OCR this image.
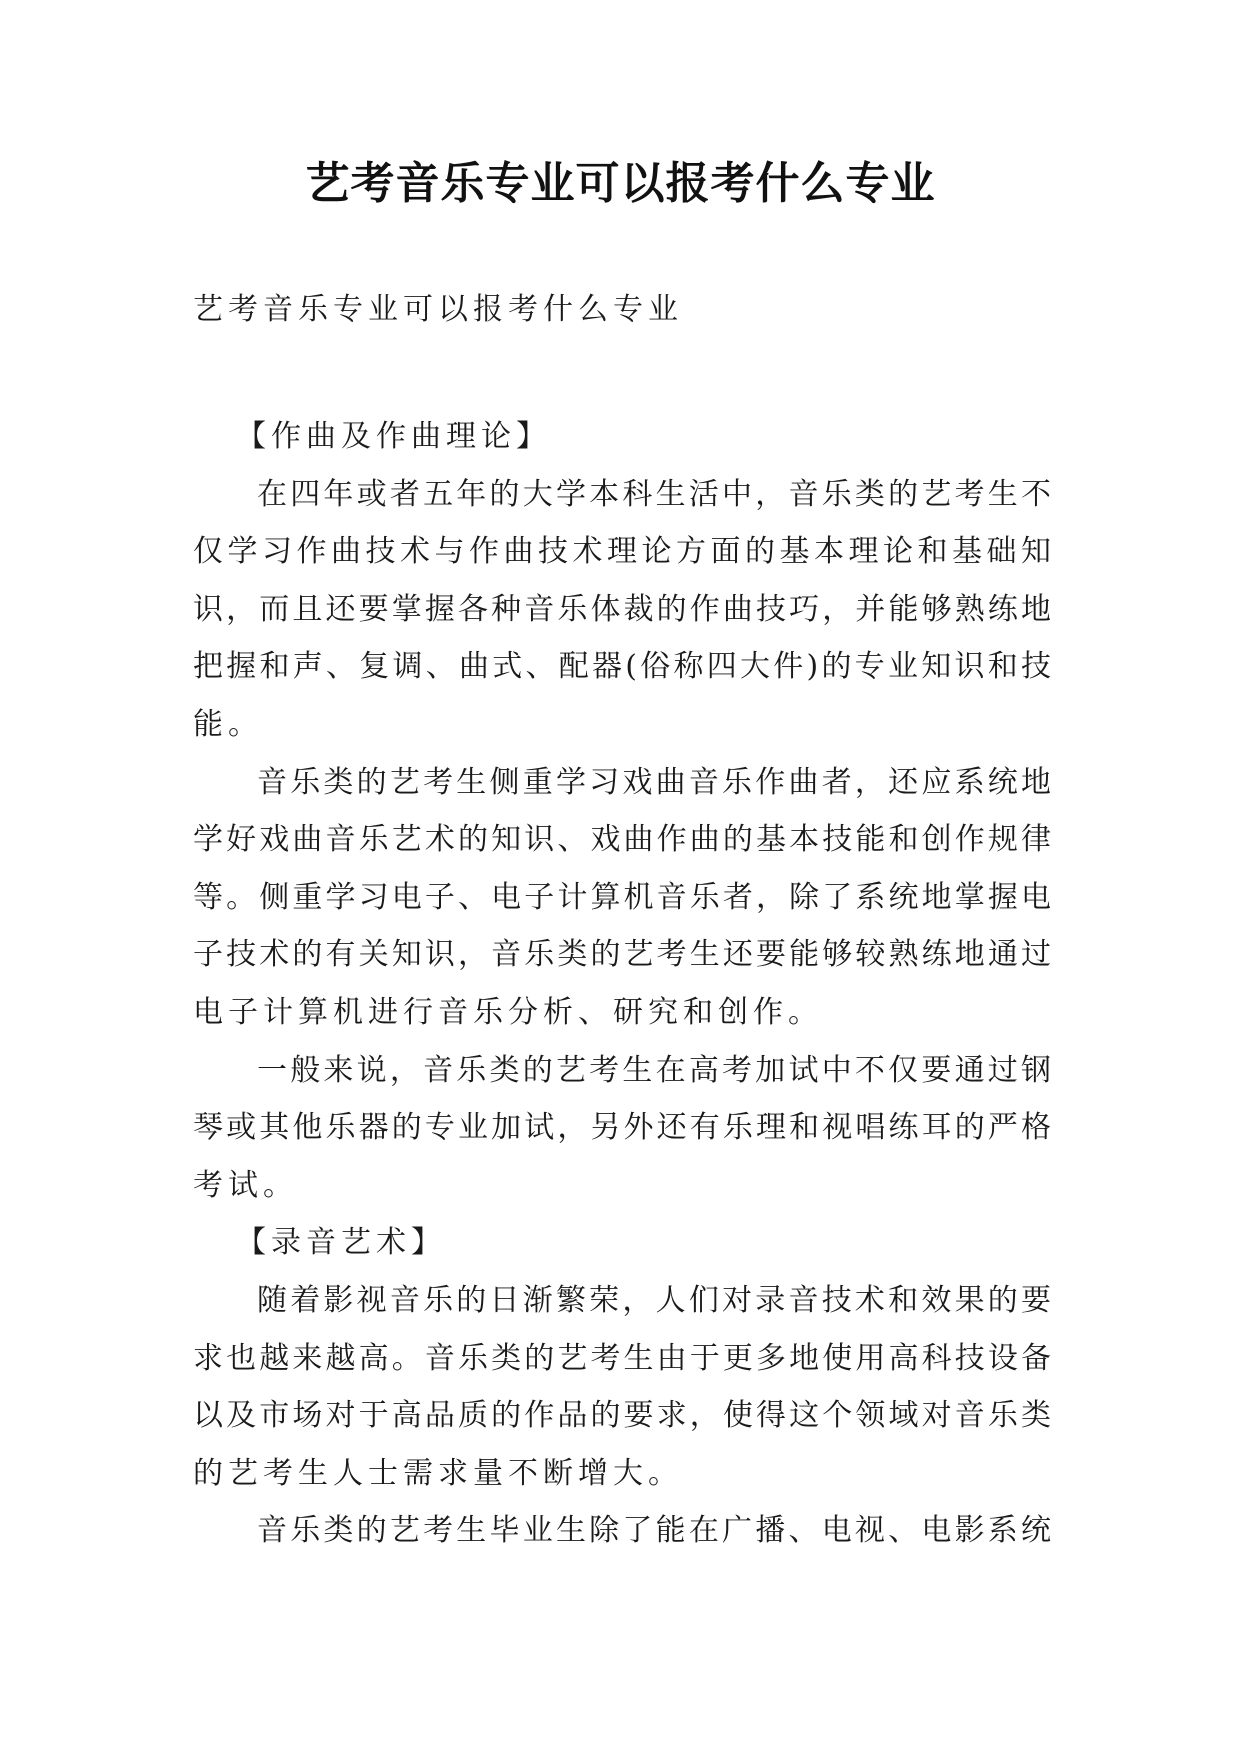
艺考音乐专业可以报考什么专业

艺考音乐专业可以报考什么专业

【作曲及作曲理论】
在四年或者五年的大学本科生活中，音乐类的艺考生不
仅学习作曲技术与作曲技术理论方面的基本理论和基础知
识，而且还要掌握各种音乐体裁的作曲技巧，并能够熟练地
把握和声、复调、曲式、配器(俗称四大件)的专业知识和技
能。
音乐类的艺考生侧重学习戏曲音乐作曲者，还应系统地
学好戏曲音乐艺术的知识、戏曲作曲的基本技能和创作规律
等。侧重学习电子、电子计算机音乐者，除了系统地掌握电
子技术的有关知识，音乐类的艺考生还要能够较熟练地通过
电子计算机进行音乐分析、研究和创作。
一般来说，音乐类的艺考生在高考加试中不仅要通过钢
琴或其他乐器的专业加试，另外还有乐理和视唱练耳的严格
考试。
【录音艺术】
随着影视音乐的日渐繁荣，人们对录音技术和效果的要
求也越来越高。音乐类的艺考生由于更多地使用高科技设备
以及市场对于高品质的作品的要求，使得这个领域对音乐类
的艺考生人士需求量不断增大。
音乐类的艺考生毕业生除了能在广播、电视、电影系统
